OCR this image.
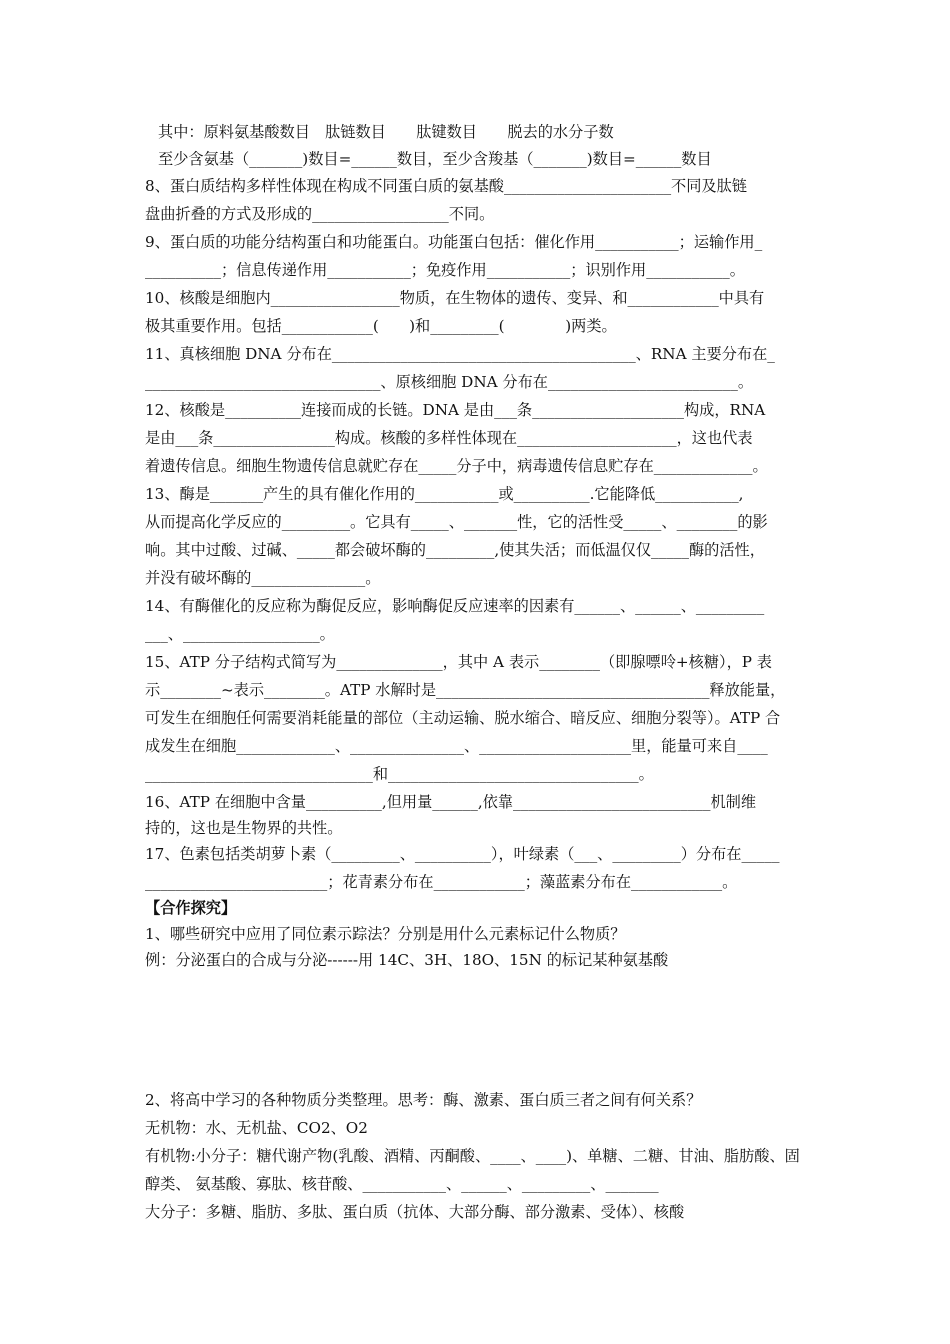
其中：原料氨基酸数目　肽链数目　　肽键数目　　脱去的水分子数
至少含氨基（_______)数目=______数目，至少含羧基（_______)数目=______数目
8、蛋白质结构多样性体现在构成不同蛋白质的氨基酸______________________不同及肽链
盘曲折叠的方式及形成的__________________不同。
9、蛋白质的功能分结构蛋白和功能蛋白。功能蛋白包括：催化作用___________；运输作用_
__________；信息传递作用___________；免疫作用___________；识别作用___________。
10、核酸是细胞内_________________物质，在生物体的遗传、变异、和____________中具有
极其重要作用。包括____________(　　)和_________(　　　　)两类。
11、真核细胞 DNA 分布在________________________________________、RNA 主要分布在_
_______________________________、原核细胞 DNA 分布在_________________________。
12、核酸是__________连接而成的长链。DNA 是由___条____________________构成，RNA
是由___条________________构成。核酸的多样性体现在_____________________，这也代表
着遗传信息。细胞生物遗传信息就贮存在_____分子中，病毒遗传信息贮存在_____________。
13、酶是_______产生的具有催化作用的___________或__________.它能降低___________,
从而提高化学反应的_________。它具有_____、_______性，它的活性受_____、________的影
响。其中过酸、过碱、_____都会破坏酶的_________,使其失活；而低温仅仅_____酶的活性，
并没有破坏酶的_______________。
14、有酶催化的反应称为酶促反应，影响酶促反应速率的因素有______、______、_________
___、__________________。
15、ATP 分子结构式简写为______________，其中 A 表示________（即腺嘌呤+核糖），P 表
示________~表示________。ATP 水解时是____________________________________释放能量，
可发生在细胞任何需要消耗能量的部位（主动运输、脱水缩合、暗反应、细胞分裂等）。ATP 合
成发生在细胞_____________、_______________、____________________里，能量可来自____
______________________________和_________________________________。
16、ATP 在细胞中含量__________,但用量______,依靠__________________________机制维
持的，这也是生物界的共性。
17、色素包括类胡萝卜素（_________、__________），叶绿素（___、_________）分布在_____
________________________；花青素分布在____________；藻蓝素分布在____________。
【合作探究】
1、哪些研究中应用了同位素示踪法？分别是用什么元素标记什么物质？
例：分泌蛋白的合成与分泌------用 14C、3H、18O、15N 的标记某种氨基酸
2、将高中学习的各种物质分类整理。思考：酶、激素、蛋白质三者之间有何关系？
无机物：水、无机盐、CO2、O2
有机物:小分子：糖代谢产物(乳酸、酒精、丙酮酸、____、____)、单糖、二糖、甘油、脂肪酸、固
醇类、 氨基酸、寡肽、核苷酸、___________、______、_________、_______
大分子：多糖、脂肪、多肽、蛋白质（抗体、大部分酶、部分激素、受体）、核酸
